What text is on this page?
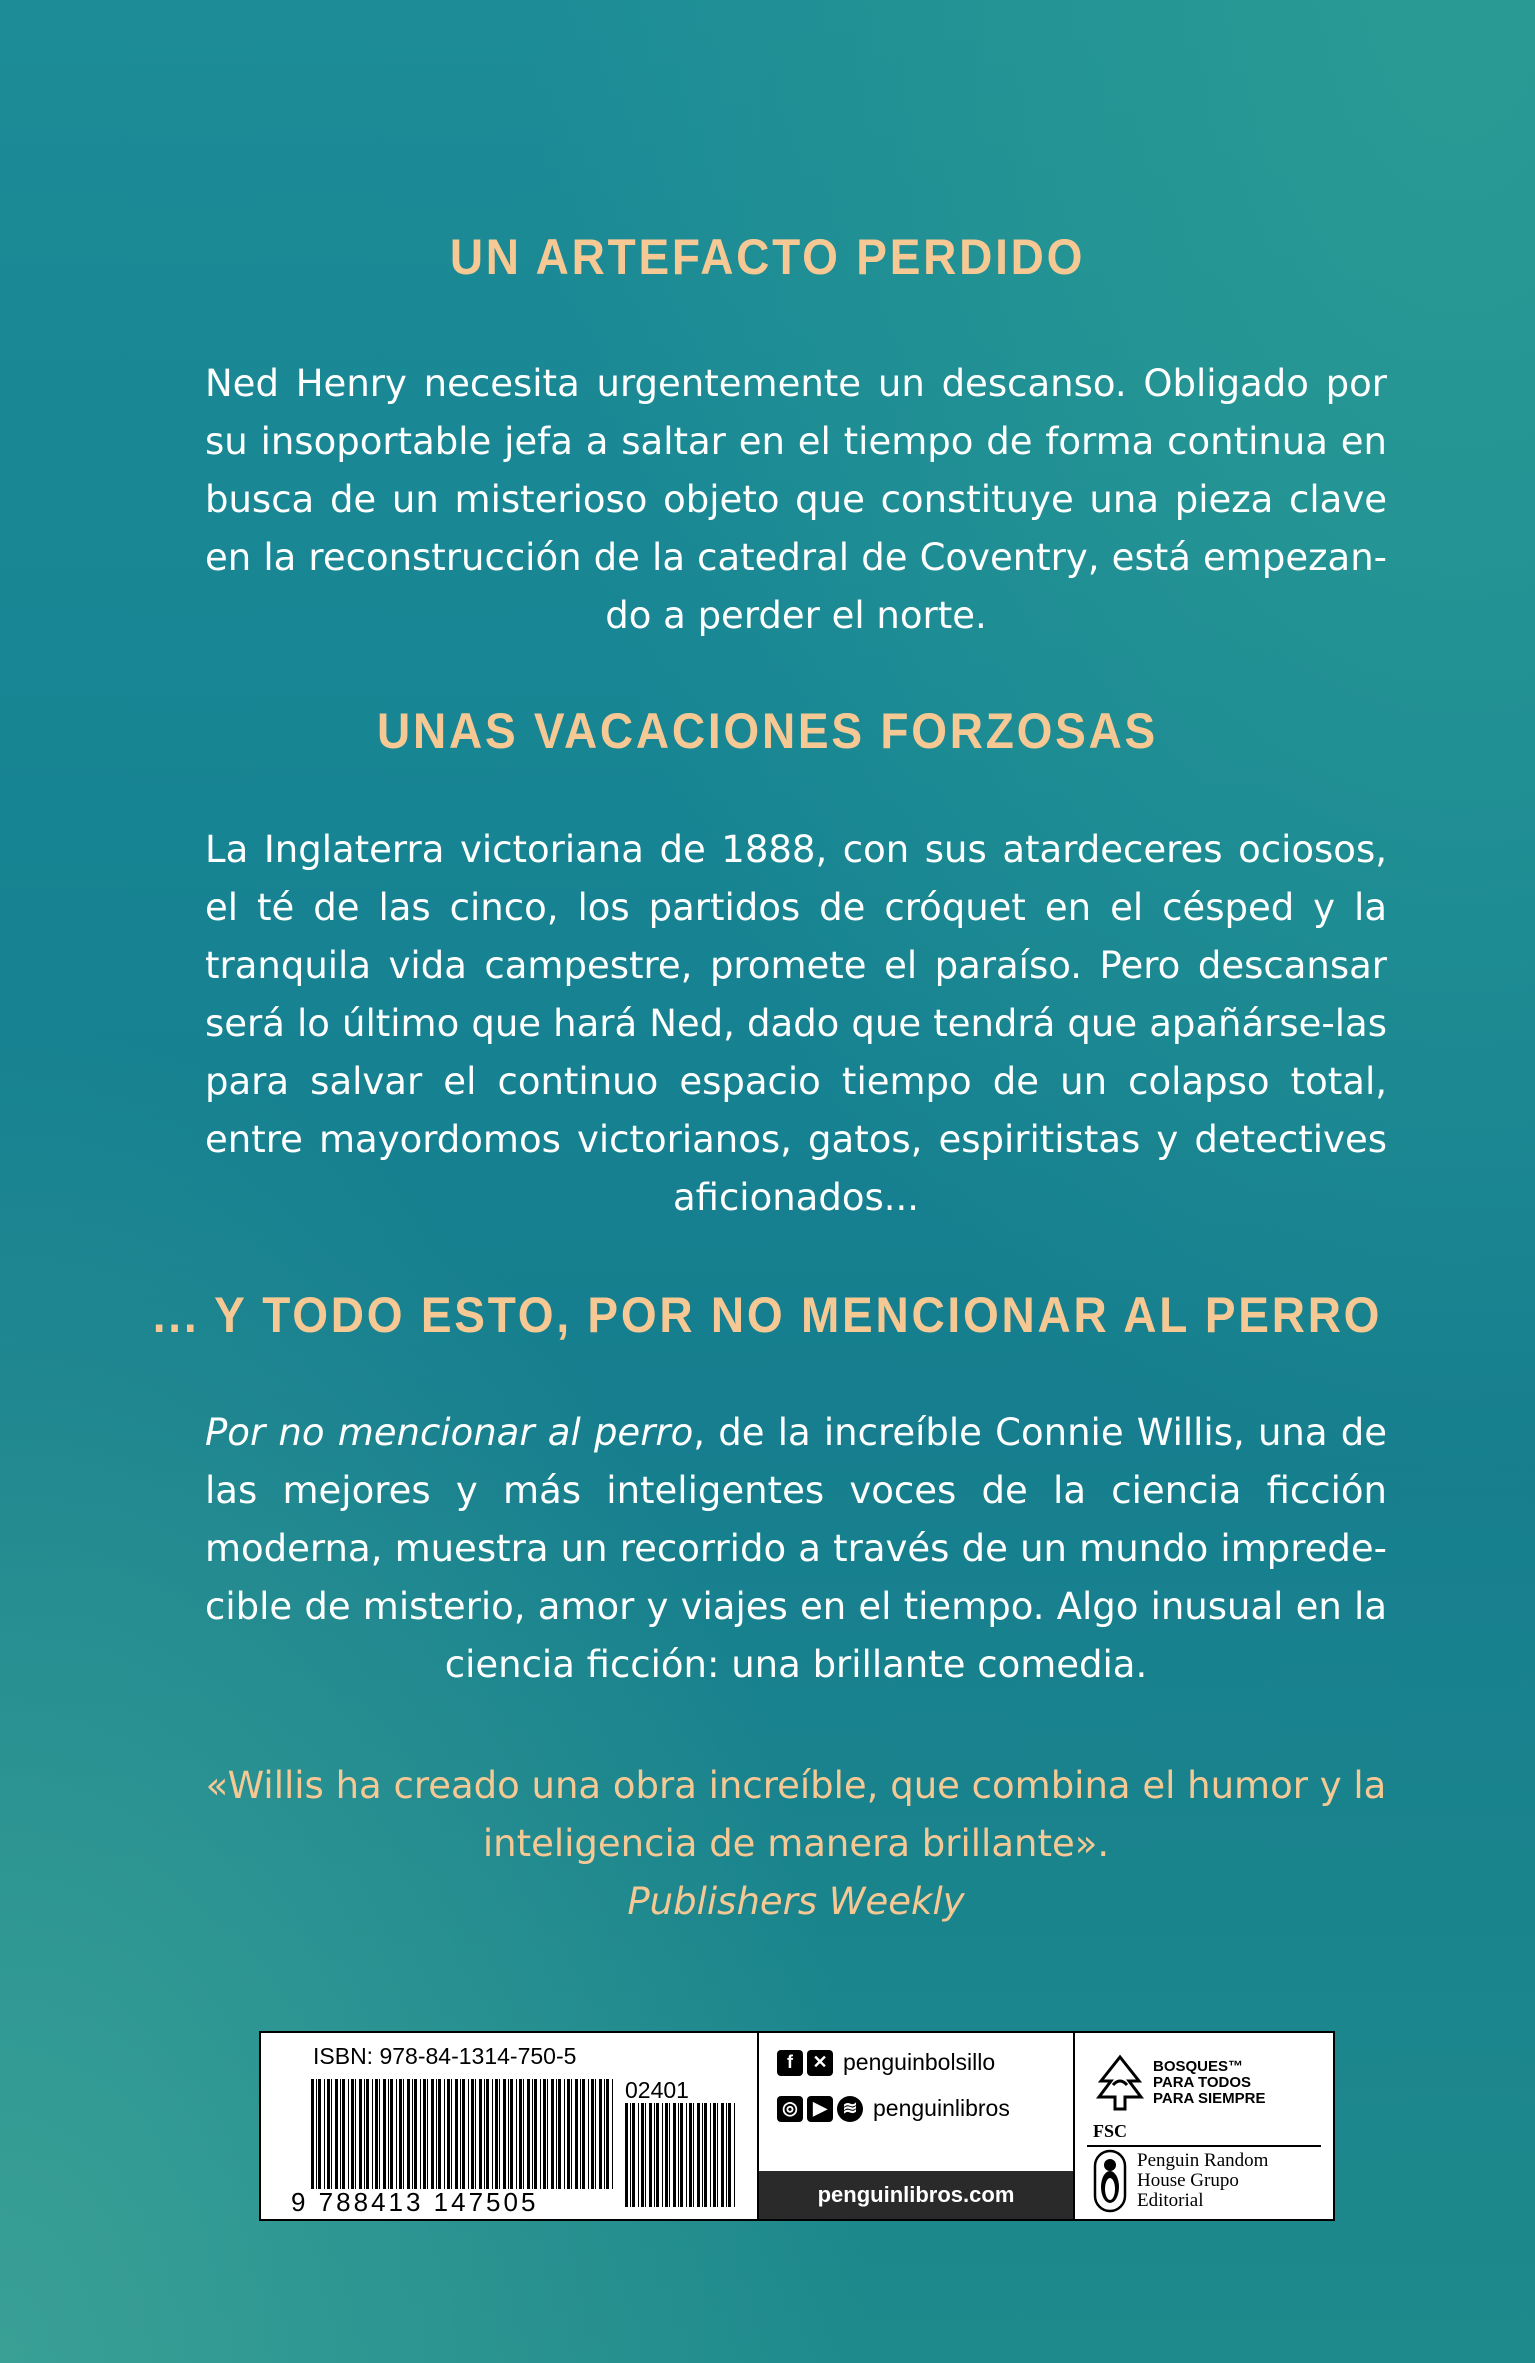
UN ARTEFACTO PERDIDO
Ned Henry necesita urgentemente un descanso. Obligado por su insoportable jefa a saltar en el tiempo de forma continua en busca de un misterioso objeto que constituye una pieza clave en la reconstrucción de la catedral de Coventry, está empezan-do a perder el norte.
UNAS VACACIONES FORZOSAS
La Inglaterra victoriana de 1888, con sus atardeceres ociosos, el té de las cinco, los partidos de cróquet en el césped y la tranquila vida campestre, promete el paraíso. Pero descansar será lo último que hará Ned, dado que tendrá que apañárse-las para salvar el continuo espacio tiempo de un colapso total, entre mayordomos victorianos, gatos, espiritistas y detectives aficionados...
... Y TODO ESTO, POR NO MENCIONAR AL PERRO
Por no mencionar al perro, de la increíble Connie Willis, una de las mejores y más inteligentes voces de la ciencia ficción moderna, muestra un recorrido a través de un mundo imprede-cible de misterio, amor y viajes en el tiempo. Algo inusual en la ciencia ficción: una brillante comedia.
«Willis ha creado una obra increíble, que combina el humor y la inteligencia de manera brillante».
Publishers Weekly
ISBN: 978-84-1314-750-5
02401
9 788413 147505
f	✕ penguinbolsillo
◎ ▶ ≋ penguinlibros
penguinlibros.com
BOSQUES™ PARA TODOS PARA SIEMPRE
FSC
Penguin Random House Grupo Editorial
